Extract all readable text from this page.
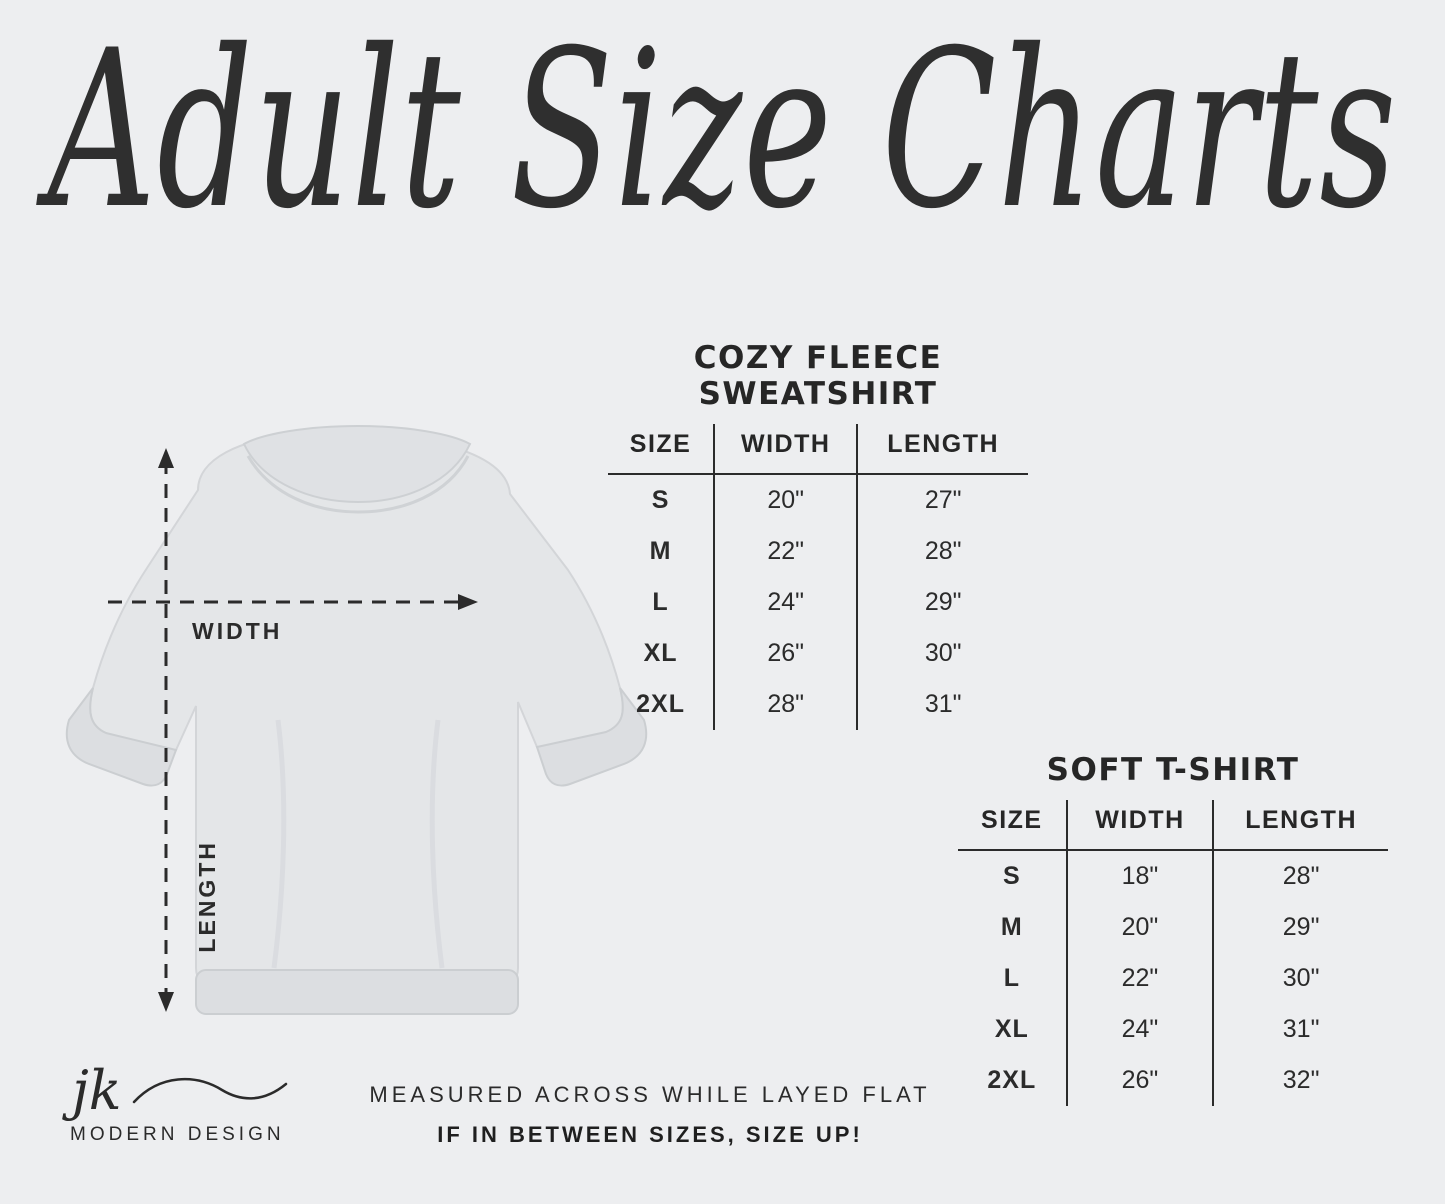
Adult Size Charts
WIDTH
LENGTH
COZY FLEECE SWEATSHIRT
SIZE	WIDTH	LENGTH
S	20"	27"
M	22"	28"
L	24"	29"
XL	26"	30"
2XL	28"	31"
SOFT T-SHIRT
SIZE	WIDTH	LENGTH
S	18"	28"
M	20"	29"
L	22"	30"
XL	24"	31"
2XL	26"	32"
MEASURED ACROSS WHILE LAYED FLAT
IF IN BETWEEN SIZES, SIZE UP!
jk
MODERN DESIGN
